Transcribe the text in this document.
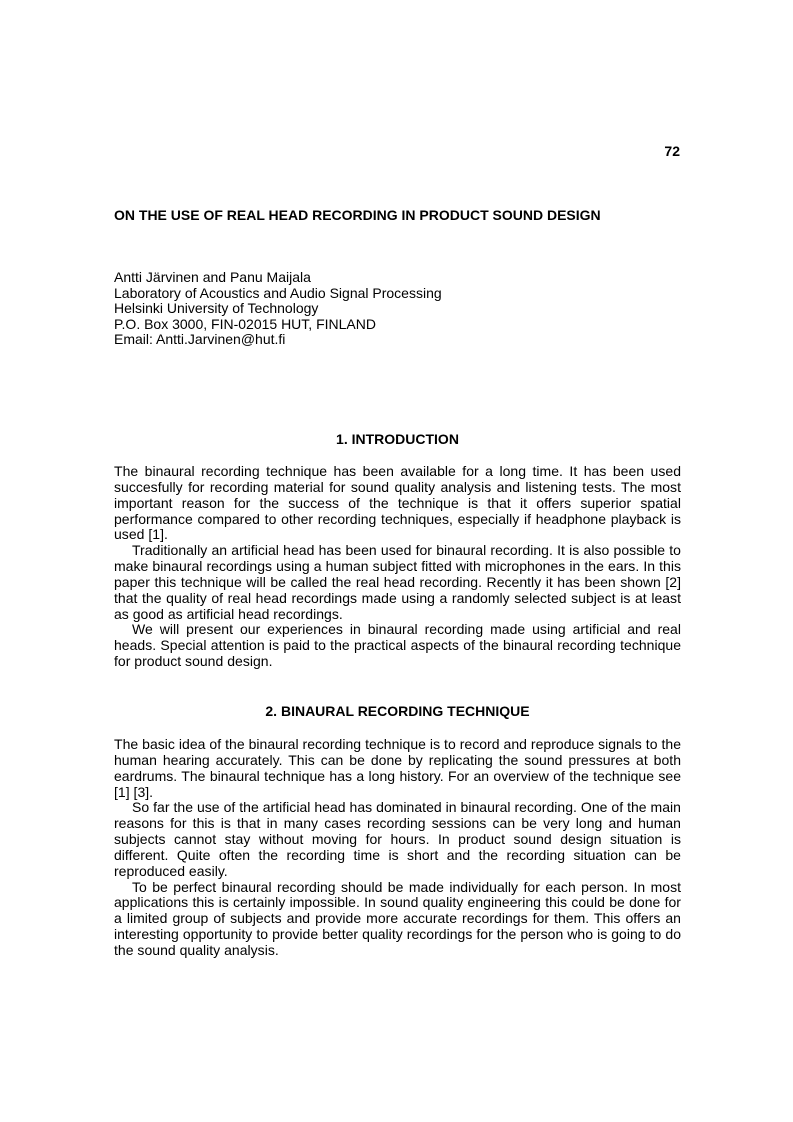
72
ON THE USE OF REAL HEAD RECORDING IN PRODUCT SOUND DESIGN
Antti Järvinen and Panu Maijala
Laboratory of Acoustics and Audio Signal Processing
Helsinki University of Technology
P.O. Box 3000, FIN-02015 HUT, FINLAND
Email: Antti.Jarvinen@hut.fi
1. INTRODUCTION

The binaural recording technique has been available for a long time. It has been used succesfully for recording material for sound quality analysis and listening tests. The most important reason for the success of the technique is that it offers superior spatial performance compared to other recording techniques, especially if headphone playback is used [1].

Traditionally an artificial head has been used for binaural recording. It is also possible to make binaural recordings using a human subject fitted with microphones in the ears. In this paper this technique will be called the real head recording. Recently it has been shown [2] that the quality of real head recordings made using a randomly selected subject is at least as good as artificial head recordings.

We will present our experiences in binaural recording made using artificial and real heads. Special attention is paid to the practical aspects of the binaural recording technique for product sound design.

2. BINAURAL RECORDING TECHNIQUE

The basic idea of the binaural recording technique is to record and reproduce signals to the human hearing accurately. This can be done by replicating the sound pressures at both eardrums. The binaural technique has a long history. For an overview of the technique see [1] [3].

So far the use of the artificial head has dominated in binaural recording. One of the main reasons for this is that in many cases recording sessions can be very long and human subjects cannot stay without moving for hours. In product sound design situation is different. Quite often the recording time is short and the recording situation can be reproduced easily.

To be perfect binaural recording should be made individually for each person. In most applications this is certainly impossible. In sound quality engineering this could be done for a limited group of subjects and provide more accurate recordings for them. This offers an interesting opportunity to provide better quality recordings for the person who is going to do the sound quality analysis.
